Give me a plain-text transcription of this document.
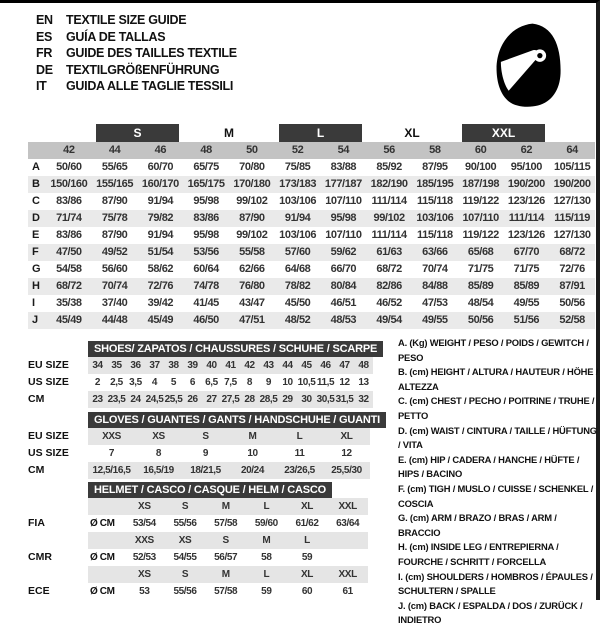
EN	TEXTILE SIZE GUIDE
ES	GUÍA DE TALLAS
FR	GUIDE DES TAILLES TEXTILE
DE	TEXTILGRÖßENFÜHRUNG
IT	GUIDA ALLE TAGLIE TESSILI
S	M	L	XL	XXL
42	44	46	48	50	52	54	56	58	60	62	64
A	50/60	55/65	60/70	65/75	70/80	75/85	83/88	85/92	87/95	90/100	95/100	105/115
B 150/160 155/165 160/170 165/175 170/180 173/183 177/187 182/190 185/195 187/198 190/200 190/200
C	83/86	87/90	91/94	95/98	99/102	103/106 107/110 111/114 115/118 119/122 123/126 127/130
D	71/74	75/78	79/82	83/86	87/90	91/94	95/98	99/102	103/106 107/110 111/114 115/119
E	83/86	87/90	91/94	95/98	99/102	103/106 107/110 111/114 115/118 119/122 123/126 127/130
F	47/50	49/52	51/54	53/56	55/58	57/60	59/62	61/63	63/66	65/68	67/70	68/72
G	54/58	56/60	58/62	60/64	62/66	64/68	66/70	68/72	70/74	71/75	71/75	72/76
H	68/72	70/74	72/76	74/78	76/80	78/82	80/84	82/86	84/88	85/89	85/89	87/91
I	35/38	37/40	39/42	41/45	43/47	45/50	46/51	46/52	47/53	48/54	49/55	50/56
J	45/49	44/48	45/49	46/50	47/51	48/52	48/53	49/54	49/55	50/56	51/56	52/58
SHOES/ ZAPATOS / CHAUSSURES / SCHUHE / SCARPE
EU SIZE	34 35 36 37 38 39 40 41 42 43 44 45 46 47 48
US SIZE	2	2,5 3,5	4	5	6	6,5 7,5	8	9	10 10,5 11,5 12 13
CM	23 23,5 24 24,5 25,5 26 27 27,5 28 28,5 29 30 30,5 31,5 32
GLOVES / GUANTES / GANTS / HANDSCHUHE / GUANTI
EU SIZE	XXS	XS	S	M	L	XL
US SIZE	7	8	9	10	11	12
CM	12,5/16,5	16,5/19	18/21,5	20/24	23/26,5	25,5/30
HELMET / CASCO / CASQUE / HELM / CASCO
XS	S	M	L	XL	XXL
FIA	Ø CM	53/54	55/56	57/58	59/60	61/62	63/64
XXS	XS	S	M	L
CMR	Ø CM	52/53	54/55	56/57	58	59
XS	S	M	L	XL	XXL
ECE	Ø CM	53	55/56	57/58	59	60	61
A. (Kg) WEIGHT / PESO / POIDS / GEWITCH / PESO
B. (cm) HEIGHT / ALTURA / HAUTEUR / HÖHE / ALTEZZA
C. (cm) CHEST / PECHO / POITRINE / TRUHE / PETTO
D. (cm) WAIST / CINTURA / TAILLE / HÜFTUNG / VITA
E. (cm) HIP / CADERA / HANCHE / HÜFTE / HIPS / BACINO
F. (cm) TIGH / MUSLO / CUISSE / SCHENKEL / COSCIA
G. (cm) ARM / BRAZO / BRAS / ARM / BRACCIO
H. (cm) INSIDE LEG / ENTREPIERNA / FOURCHE / SCHRITT / FORCELLA
I. (cm) SHOULDERS / HOMBROS / ÉPAULES / SCHULTERN / SPALLE
J. (cm) BACK / ESPALDA / DOS / ZURÜCK / INDIETRO
